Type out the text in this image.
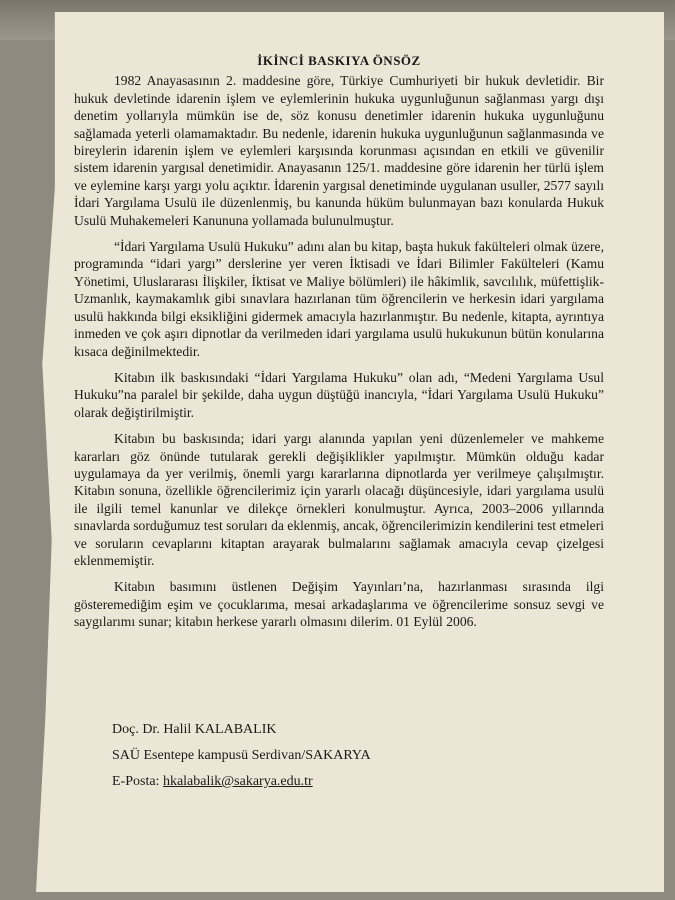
İKİNCİ BASKIYA ÖNSÖZ

1982 Anayasasının 2. maddesine göre, Türkiye Cumhuriyeti bir hukuk devletidir. Bir hukuk devletinde idarenin işlem ve eylemlerinin hukuka uygunluğunun sağlanması yargı dışı denetim yollarıyla mümkün ise de, söz konusu denetimler idarenin hukuka uygunluğunu sağlamada yeterli olamamaktadır. Bu nedenle, idarenin hukuka uygunluğunun sağlanmasında ve bireylerin idarenin işlem ve eylemleri karşısında korunması açısından en etkili ve güvenilir sistem idarenin yargısal denetimidir. Anayasanın 125/1. maddesine göre idarenin her türlü işlem ve eylemine karşı yargı yolu açıktır. İdarenin yargısal denetiminde uygulanan usuller, 2577 sayılı İdari Yargılama Usulü ile düzenlenmiş, bu kanunda hüküm bulunmayan bazı konularda Hukuk Usulü Muhakemeleri Kanununa yollamada bulunulmuştur.

“İdari Yargılama Usulü Hukuku” adını alan bu kitap, başta hukuk fakülteleri olmak üzere, programında “idari yargı” derslerine yer veren İktisadi ve İdari Bilimler Fakülteleri (Kamu Yönetimi, Uluslararası İlişkiler, İktisat ve Maliye bölümleri) ile hâkimlik, savcılılık, müfettişlik-Uzmanlık, kaymakamlık gibi sınavlara hazırlanan tüm öğrencilerin ve herkesin idari yargılama usulü hakkında bilgi eksikliğini gidermek amacıyla hazırlanmıştır. Bu nedenle, kitapta, ayrıntıya inmeden ve çok aşırı dipnotlar da verilmeden idari yargılama usulü hukukunun bütün konularına kısaca değinilmektedir.

Kitabın ilk baskısındaki “İdari Yargılama Hukuku” olan adı, “Medeni Yargılama Usul Hukuku”na paralel bir şekilde, daha uygun düştüğü inancıyla, “İdari Yargılama Usulü Hukuku” olarak değiştirilmiştir.

Kitabın bu baskısında; idari yargı alanında yapılan yeni düzenlemeler ve mahkeme kararları göz önünde tutularak gerekli değişiklikler yapılmıştır. Mümkün olduğu kadar uygulamaya da yer verilmiş, önemli yargı kararlarına dipnotlarda yer verilmeye çalışılmıştır. Kitabın sonuna, özellikle öğrencilerimiz için yararlı olacağı düşüncesiyle, idari yargılama usulü ile ilgili temel kanunlar ve dilekçe örnekleri konulmuştur. Ayrıca, 2003–2006 yıllarında sınavlarda sorduğumuz test soruları da eklenmiş, ancak, öğrencilerimizin kendilerini test etmeleri ve soruların cevaplarını kitaptan arayarak bulmalarını sağlamak amacıyla cevap çizelgesi eklenmemiştir.

Kitabın basımını üstlenen Değişim Yayınları’na, hazırlanması sırasında ilgi gösteremediğim eşim ve çocuklarıma, mesai arkadaşlarıma ve öğrencilerime sonsuz sevgi ve saygılarımı sunar; kitabın herkese yararlı olmasını dilerim. 01 Eylül 2006.

Doç. Dr. Halil KALABALIK
SAÜ Esentepe kampusü Serdivan/SAKARYA
E-Posta: hkalabalik@sakarya.edu.tr
